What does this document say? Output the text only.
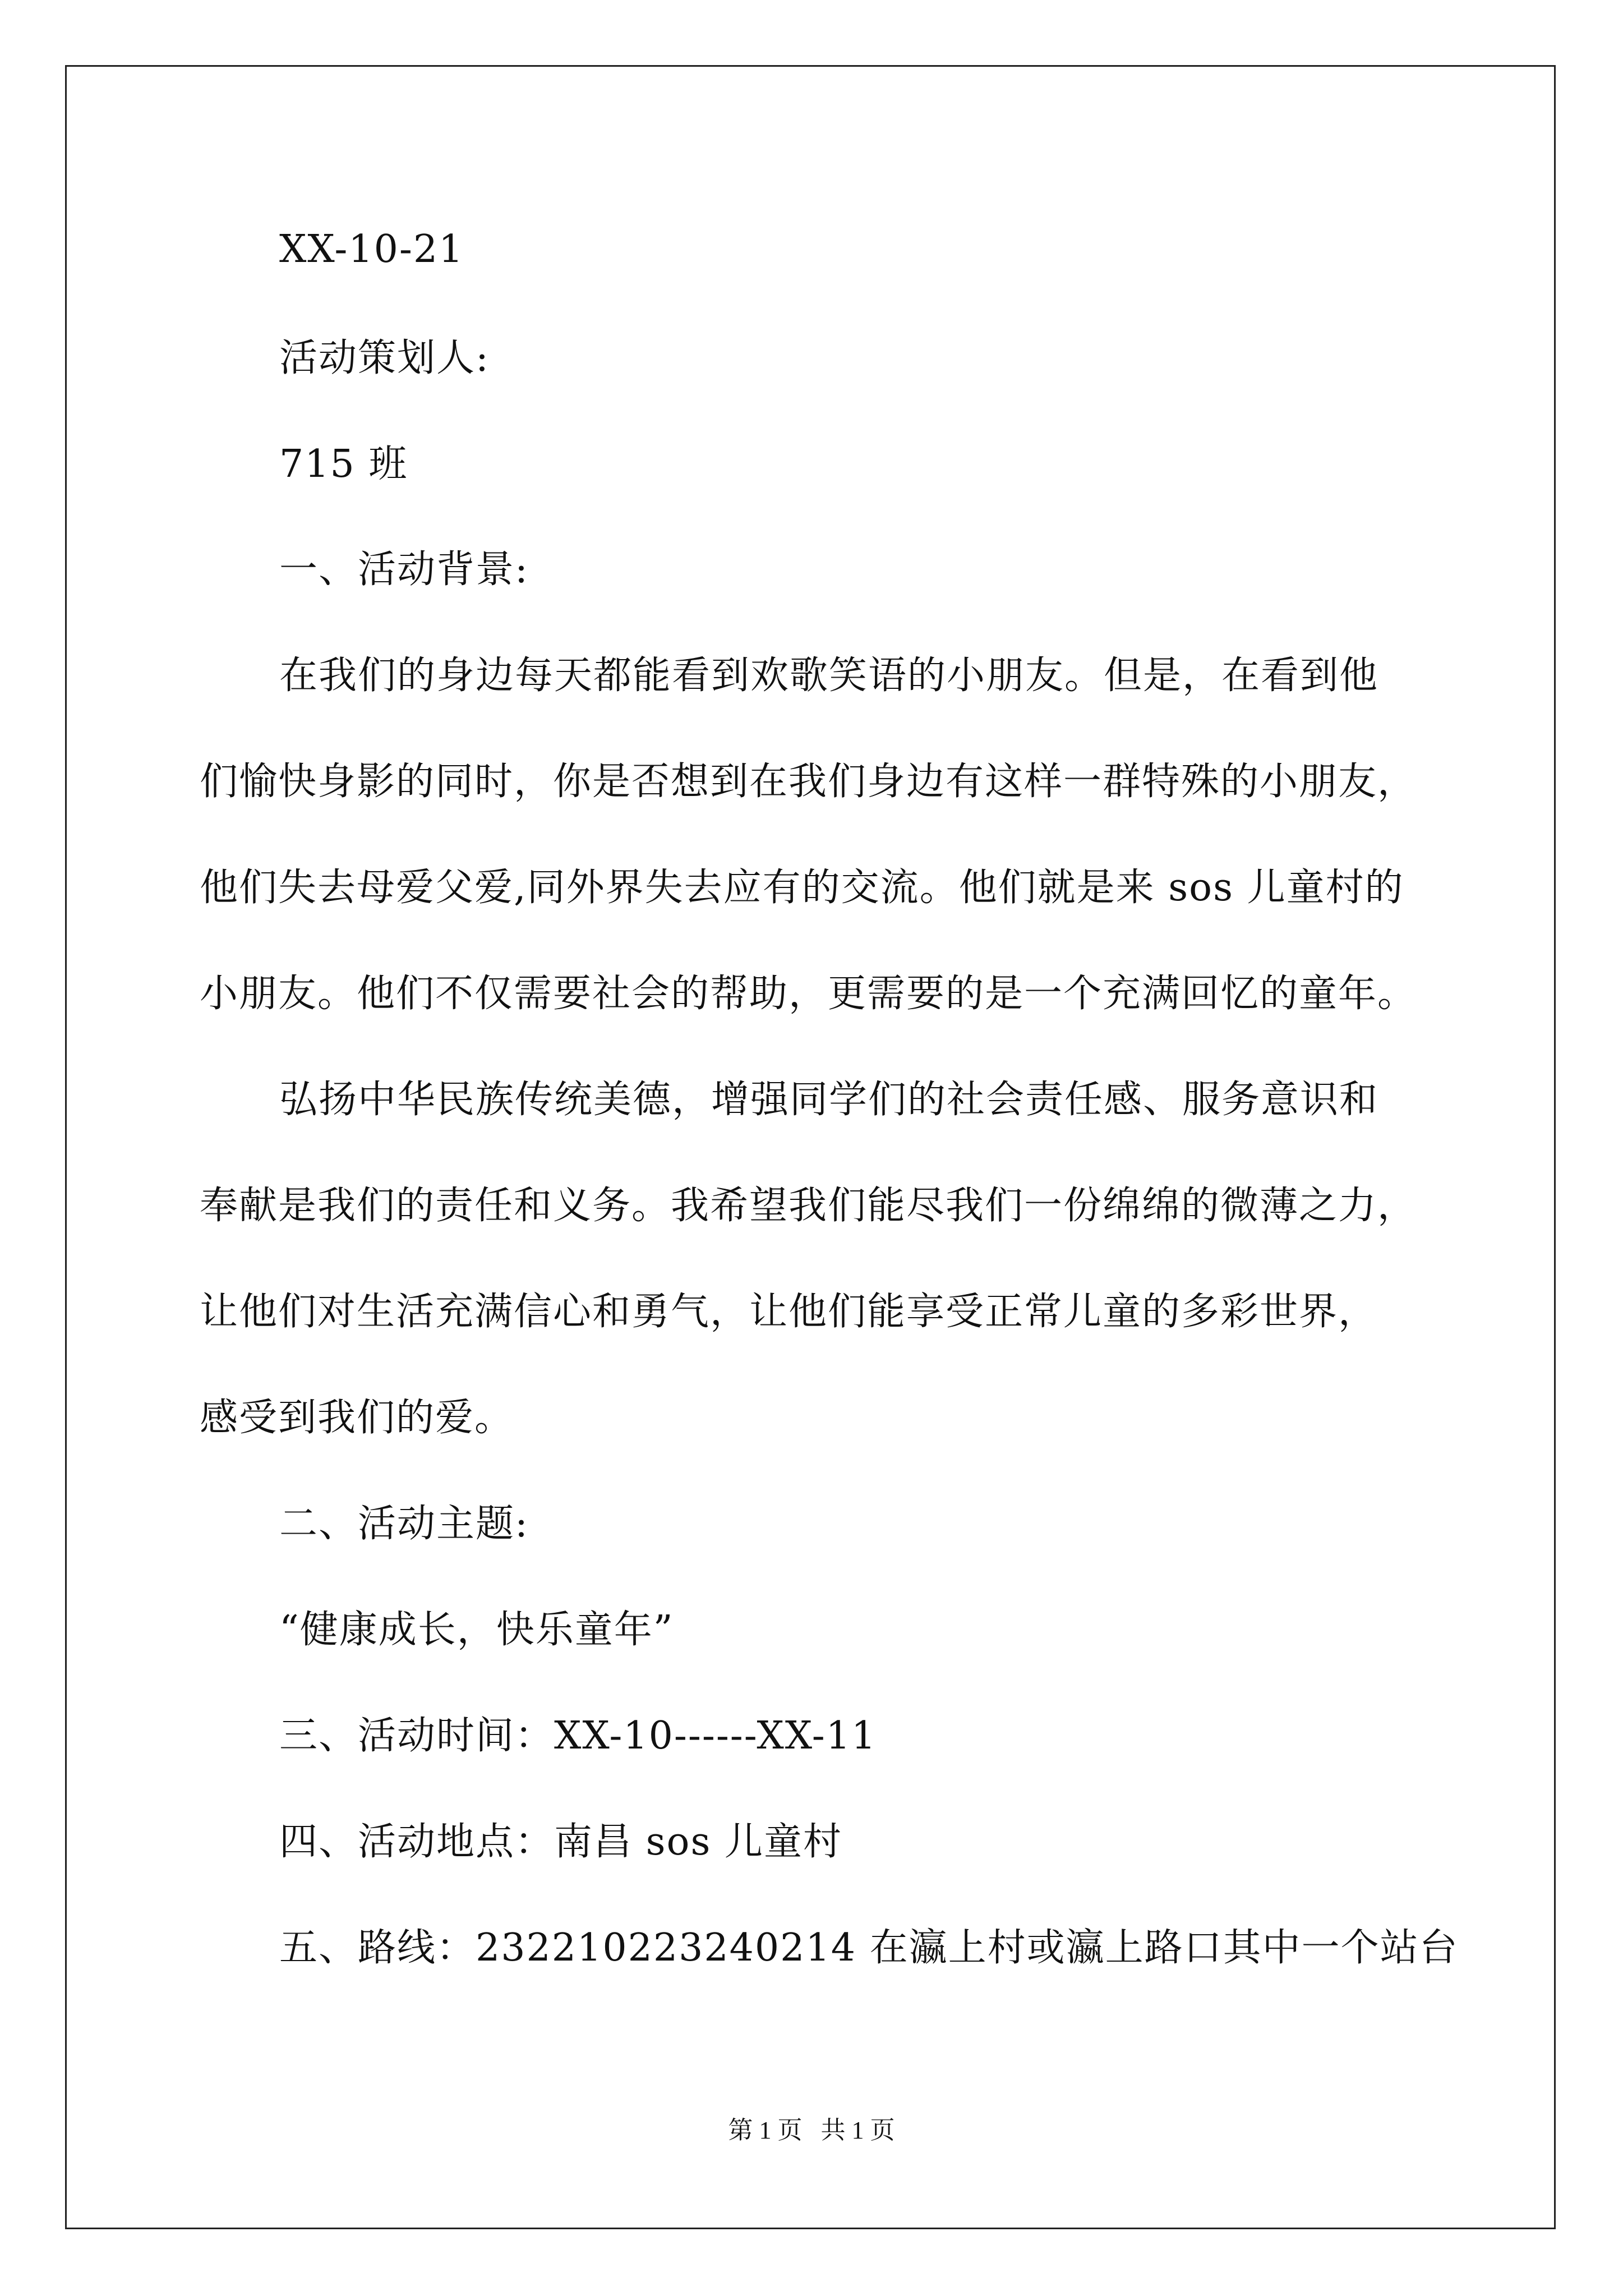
XX-10-21
活动策划人:
715 班
一、活动背景:
在我们的身边每天都能看到欢歌笑语的小朋友。但是，在看到他
们愉快身影的同时，你是否想到在我们身边有这样一群特殊的小朋友，
他们失去母爱父爱,同外界失去应有的交流。他们就是来 sos 儿童村的
小朋友。他们不仅需要社会的帮助，更需要的是一个充满回忆的童年。
弘扬中华民族传统美德，增强同学们的社会责任感、服务意识和
奉献是我们的责任和义务。我希望我们能尽我们一份绵绵的微薄之力，
让他们对生活充满信心和勇气，让他们能享受正常儿童的多彩世界，
感受到我们的爱。
二、活动主题:
“健康成长，快乐童年”
三、活动时间：XX-10------XX-11
四、活动地点：南昌 sos 儿童村
五、路线：232210223240214 在瀛上村或瀛上路口其中一个站台
第 1 页   共 1 页
